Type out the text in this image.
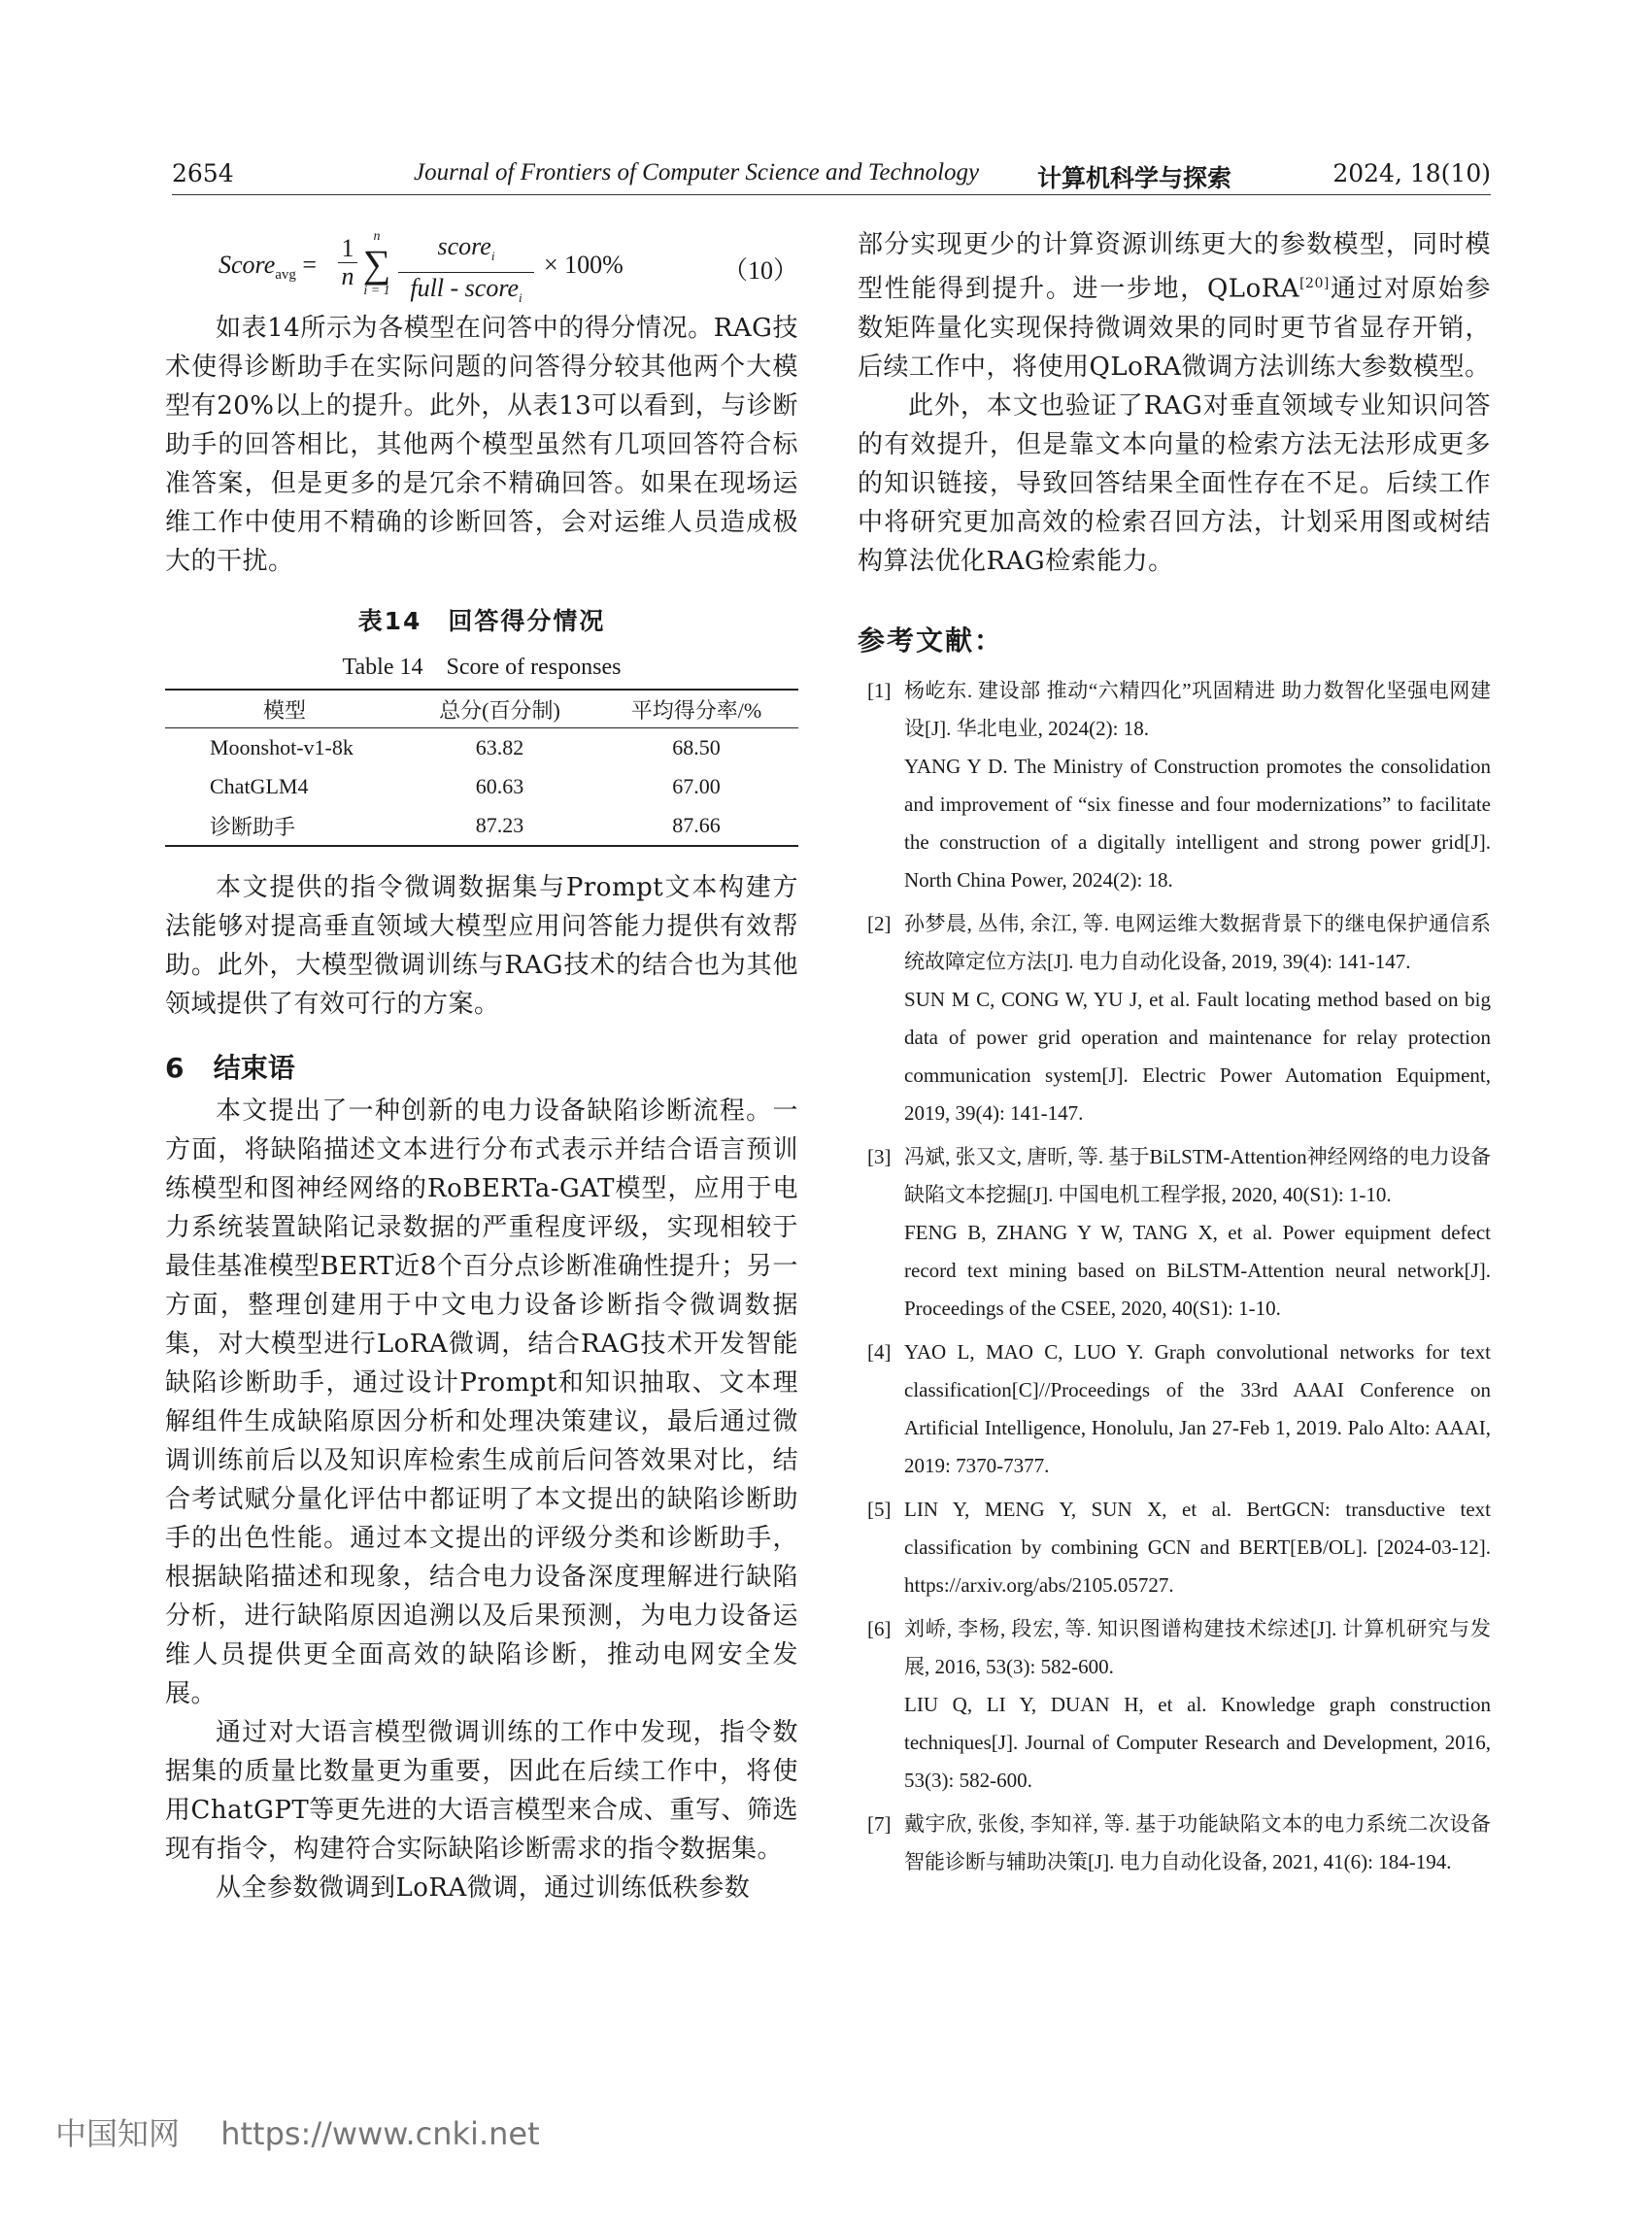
2654	Journal of Frontiers of Computer Science and Technology 计算机科学与探索	2024, 18(10)
Score$_{avg}$ = $\frac{1}{n}$	n
∑
i = 1
score$_i$
full - score$_i$
× 100%	（10）

如表14所示为各模型在问答中的得分情况。RAG技术使得诊断助手在实际问题的问答得分较其他两个大模型有20%以上的提升。此外，从表13可以看到，与诊断助手的回答相比，其他两个模型虽然有几项回答符合标准答案，但是更多的是冗余不精确回答。如果在现场运维工作中使用不精确的诊断回答，会对运维人员造成极大的干扰。

表14　回答得分情况
Table 14　Score of responses
模型	总分(百分制)	平均得分率/%
Moonshot-v1-8k	63.82	68.50
ChatGLM4	60.63	67.00
诊断助手	87.23	87.66

本文提供的指令微调数据集与Prompt文本构建方法能够对提高垂直领域大模型应用问答能力提供有效帮助。此外，大模型微调训练与RAG技术的结合也为其他领域提供了有效可行的方案。

6 结束语

本文提出了一种创新的电力设备缺陷诊断流程。一方面，将缺陷描述文本进行分布式表示并结合语言预训练模型和图神经网络的RoBERTa-GAT模型，应用于电力系统装置缺陷记录数据的严重程度评级，实现相较于最佳基准模型BERT近8个百分点诊断准确性提升；另一方面，整理创建用于中文电力设备诊断指令微调数据集，对大模型进行LoRA微调，结合RAG技术开发智能缺陷诊断助手，通过设计Prompt和知识抽取、文本理解组件生成缺陷原因分析和处理决策建议，最后通过微调训练前后以及知识库检索生成前后问答效果对比，结合考试赋分量化评估中都证明了本文提出的缺陷诊断助手的出色性能。通过本文提出的评级分类和诊断助手，根据缺陷描述和现象，结合电力设备深度理解进行缺陷分析，进行缺陷原因追溯以及后果预测，为电力设备运维人员提供更全面高效的缺陷诊断，推动电网安全发展。

通过对大语言模型微调训练的工作中发现，指令数据集的质量比数量更为重要，因此在后续工作中，将使用ChatGPT等更先进的大语言模型来合成、重写、筛选现有指令，构建符合实际缺陷诊断需求的指令数据集。

从全参数微调到LoRA微调，通过训练低秩参数

部分实现更少的计算资源训练更大的参数模型，同时模型性能得到提升。进一步地，QLoRA[20]通过对原始参数矩阵量化实现保持微调效果的同时更节省显存开销，后续工作中，将使用QLoRA微调方法训练大参数模型。

此外，本文也验证了RAG对垂直领域专业知识问答的有效提升，但是靠文本向量的检索方法无法形成更多的知识链接，导致回答结果全面性存在不足。后续工作中将研究更加高效的检索召回方法，计划采用图或树结构算法优化RAG检索能力。

参考文献：
[1] 杨屹东. 建设部 推动“六精四化”巩固精进 助力数智化坚强电网建设[J]. 华北电业, 2024(2): 18.
YANG Y D. The Ministry of Construction promotes the consolidation and improvement of “six finesse and four modernizations” to facilitate the construction of a digitally intelligent and strong power grid[J]. North China Power, 2024(2): 18.
[2] 孙梦晨, 丛伟, 余江, 等. 电网运维大数据背景下的继电保护通信系统故障定位方法[J]. 电力自动化设备, 2019, 39(4): 141-147.
SUN M C, CONG W, YU J, et al. Fault locating method based on big data of power grid operation and maintenance for relay protection communication system[J]. Electric Power Automation Equipment, 2019, 39(4): 141-147.
[3] 冯斌, 张又文, 唐昕, 等. 基于BiLSTM-Attention神经网络的电力设备缺陷文本挖掘[J]. 中国电机工程学报, 2020, 40(S1): 1-10.
FENG B, ZHANG Y W, TANG X, et al. Power equipment defect record text mining based on BiLSTM-Attention neural network[J]. Proceedings of the CSEE, 2020, 40(S1): 1-10.
[4] YAO L, MAO C, LUO Y. Graph convolutional networks for text classification[C]//Proceedings of the 33rd AAAI Conference on Artificial Intelligence, Honolulu, Jan 27-Feb 1, 2019. Palo Alto: AAAI, 2019: 7370-7377.
[5] LIN Y, MENG Y, SUN X, et al. BertGCN: transductive text classification by combining GCN and BERT[EB/OL]. [2024-03-12]. https://arxiv.org/abs/2105.05727.
[6] 刘峤, 李杨, 段宏, 等. 知识图谱构建技术综述[J]. 计算机研究与发展, 2016, 53(3): 582-600.
LIU Q, LI Y, DUAN H, et al. Knowledge graph construction techniques[J]. Journal of Computer Research and Development, 2016, 53(3): 582-600.
[7] 戴宇欣, 张俊, 李知祥, 等. 基于功能缺陷文本的电力系统二次设备智能诊断与辅助决策[J]. 电力自动化设备, 2021, 41(6): 184-194.
中国知网 https://www.cnki.net
